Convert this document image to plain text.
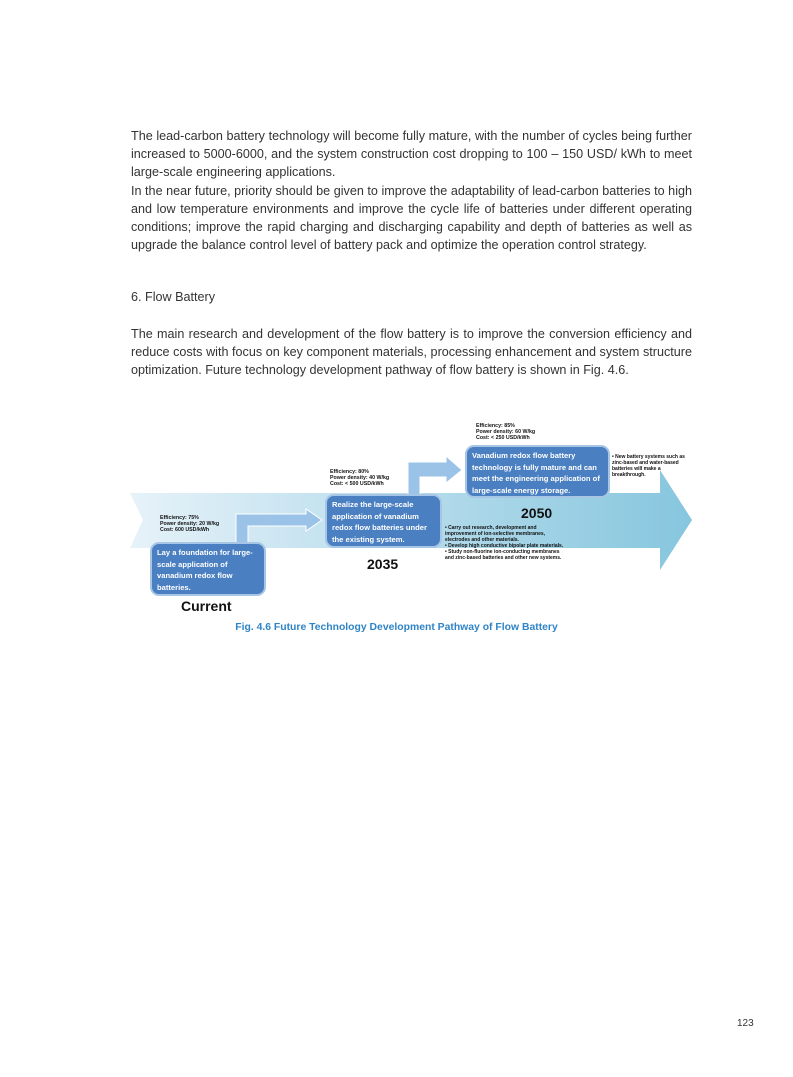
The lead-carbon battery technology will become fully mature, with the number of cycles being further increased to 5000-6000, and the system construction cost dropping to 100 – 150 USD/ kWh to meet large-scale engineering applications.
In the near future, priority should be given to improve the adaptability of lead-carbon batteries to high and low temperature environments and improve the cycle life of batteries under different operating conditions; improve the rapid charging and discharging capability and depth of batteries as well as upgrade the balance control level of battery pack and optimize the operation control strategy.
6. Flow Battery
The main research and development of the flow battery is to improve the conversion efficiency and reduce costs with focus on key component materials, processing enhancement and system structure optimization. Future technology development pathway of flow battery is shown in Fig. 4.6.
Efficiency: 75%
Power density: 20 W/kg
Cost: 600 USD/kWh
Lay a foundation for large-scale application of vanadium redox flow batteries.
Current
Efficiency: 80%
Power density: 40 W/kg
Cost: < 500 USD/kWh
Realize the large-scale application of vanadium redox flow batteries under the existing system.
2035
Efficiency: 85%
Power density: 60 W/kg
Cost: < 250 USD/kWh
Vanadium redox flow battery technology is fully mature and can meet the engineering application of large-scale energy storage.
2050
• Carry out research, development and improvement of ion-selective membranes, electrodes and other materials.
• Develop high conductive bipolar plate materials.
• Study non-fluorine ion-conducting membranes and zinc-based batteries and other new systems.
• New battery systems such as zinc-based and water-based batteries will make a breakthrough.
Fig. 4.6 Future Technology Development Pathway of Flow Battery
123
